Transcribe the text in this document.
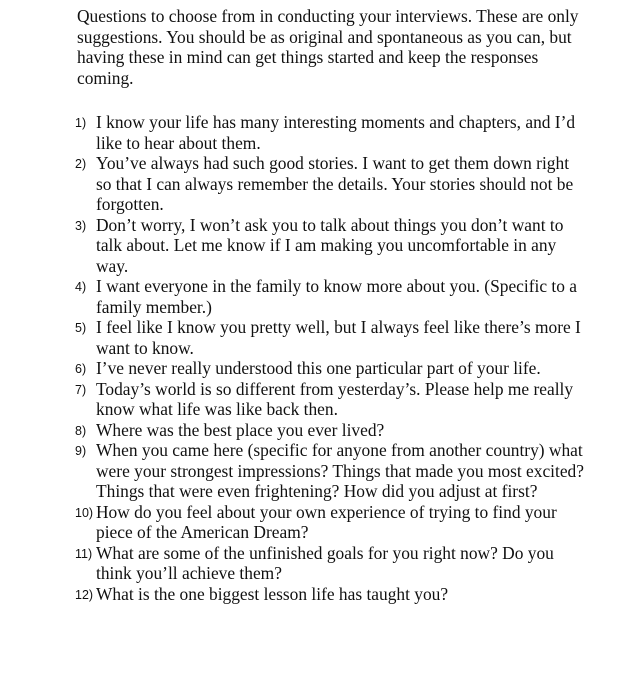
Questions to choose from in conducting your interviews. These are only suggestions. You should be as original and spontaneous as you can, but having these in mind can get things started and keep the responses coming.

1) I know your life has many interesting moments and chapters, and I’d like to hear about them.
2) You’ve always had such good stories. I want to get them down right so that I can always remember the details. Your stories should not be forgotten.
3) Don’t worry, I won’t ask you to talk about things you don’t want to talk about. Let me know if I am making you uncomfortable in any way.
4) I want everyone in the family to know more about you. (Specific to a family member.)
5) I feel like I know you pretty well, but I always feel like there’s more I want to know.
6) I’ve never really understood this one particular part of your life.
7) Today’s world is so different from yesterday’s. Please help me really know what life was like back then.
8) Where was the best place you ever lived?
9) When you came here (specific for anyone from another country) what were your strongest impressions? Things that made you most excited? Things that were even frightening? How did you adjust at first?
10) How do you feel about your own experience of trying to find your piece of the American Dream?
11) What are some of the unfinished goals for you right now? Do you think you’ll achieve them?
12) What is the one biggest lesson life has taught you?
